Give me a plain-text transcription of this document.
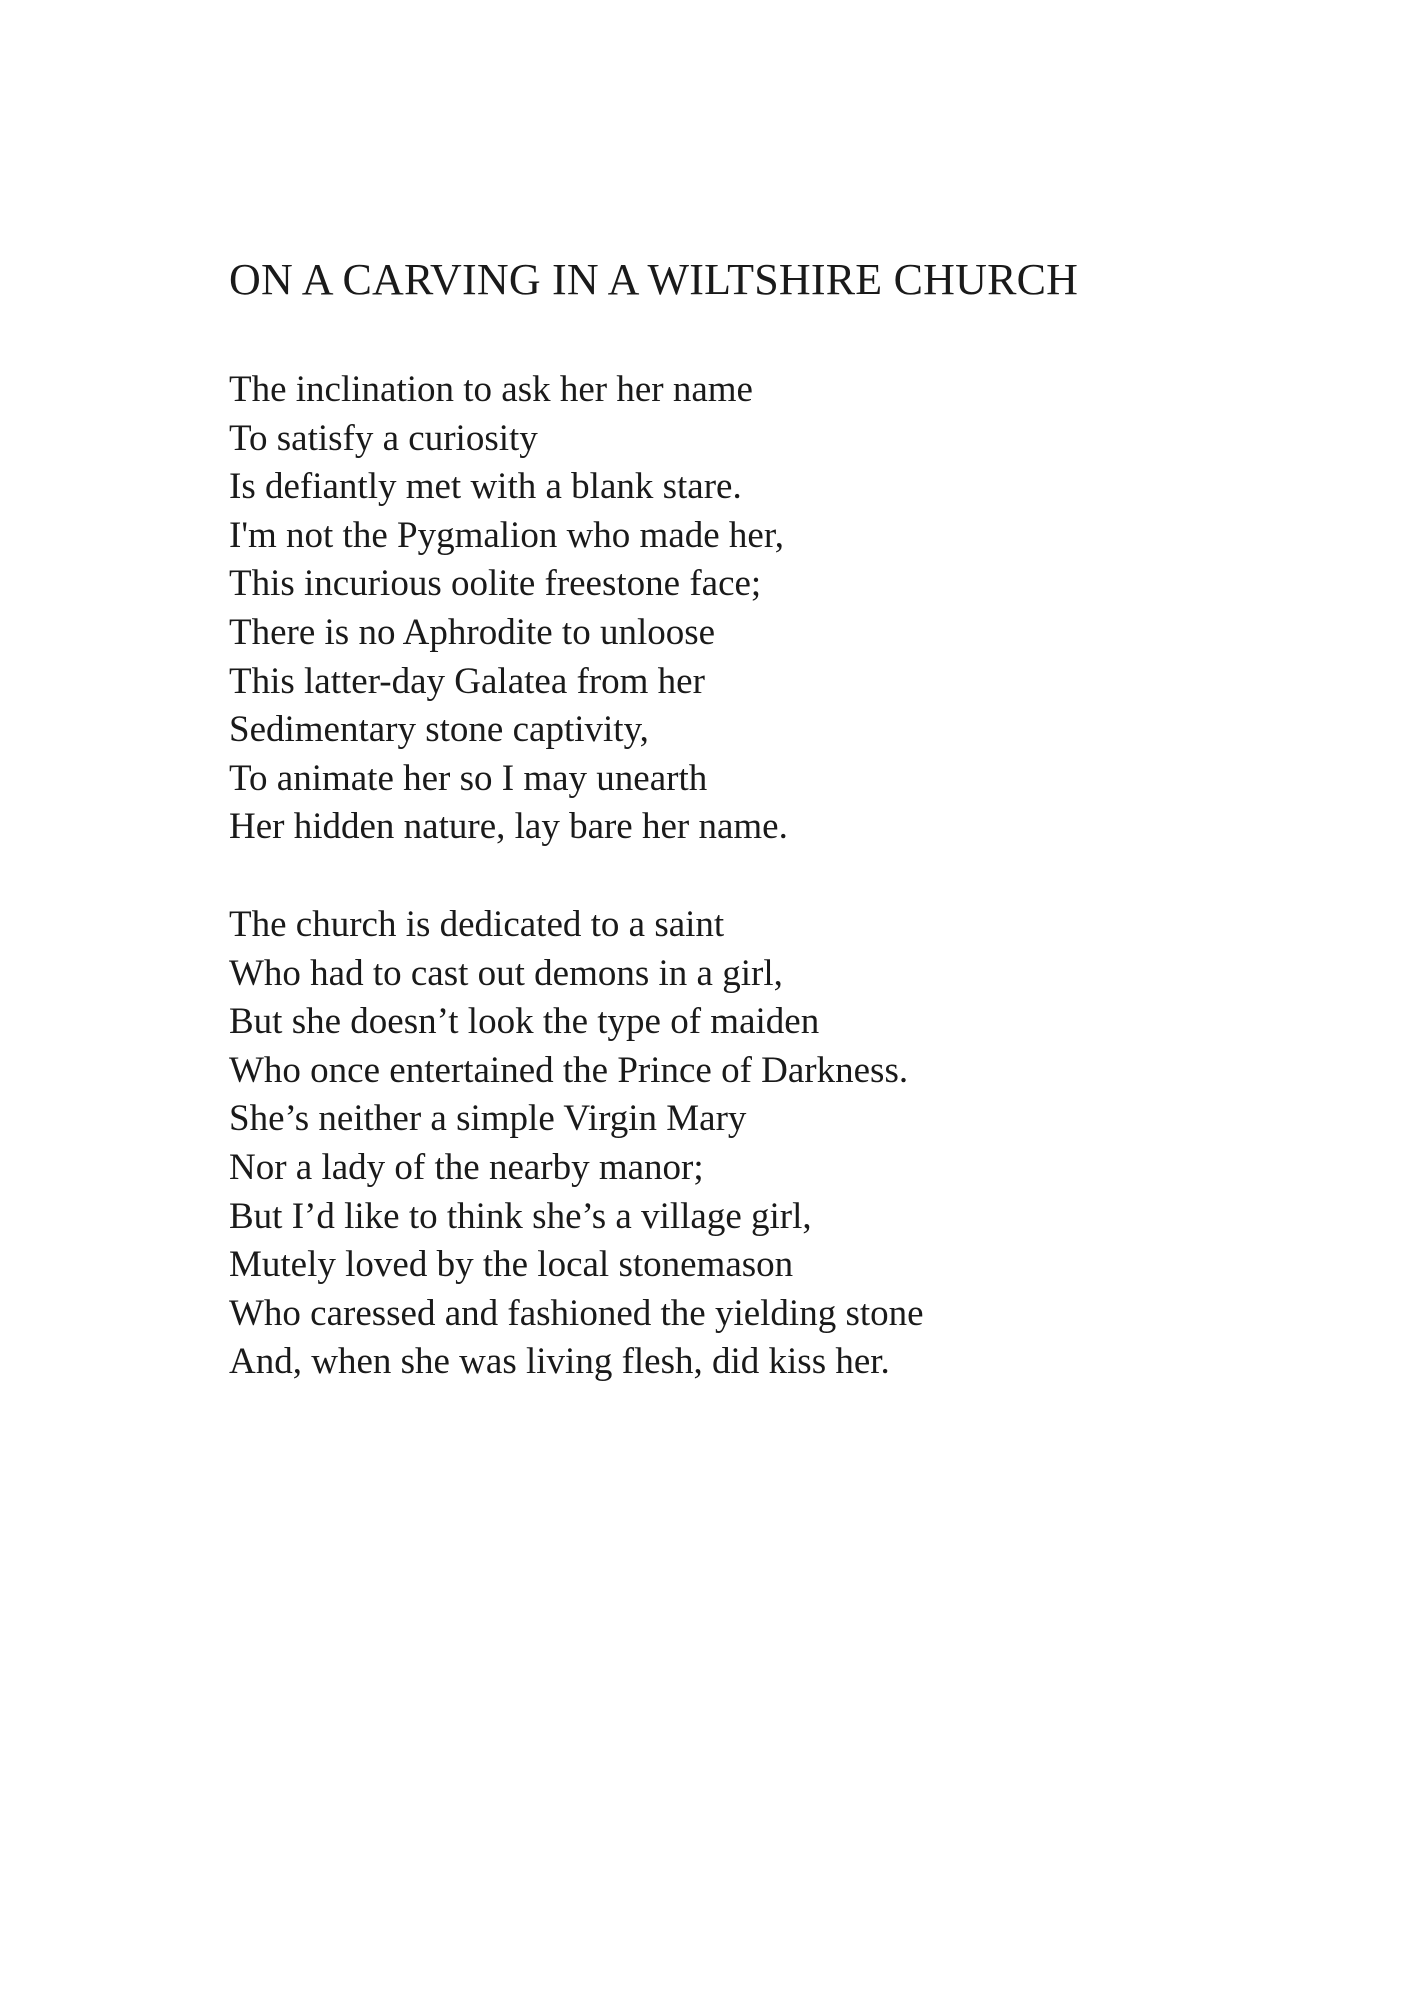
ON A CARVING IN A WILTSHIRE CHURCH
The inclination to ask her her name
To satisfy a curiosity
Is defiantly met with a blank stare.
I'm not the Pygmalion who made her,
This incurious oolite freestone face;
There is no Aphrodite to unloose
This latter-day Galatea from her
Sedimentary stone captivity,
To animate her so I may unearth
Her hidden nature, lay bare her name.
The church is dedicated to a saint
Who had to cast out demons in a girl,
But she doesn’t look the type of maiden
Who once entertained the Prince of Darkness.
She’s neither a simple Virgin Mary
Nor a lady of the nearby manor;
But I’d like to think she’s a village girl,
Mutely loved by the local stonemason
Who caressed and fashioned the yielding stone
And, when she was living flesh, did kiss her.
